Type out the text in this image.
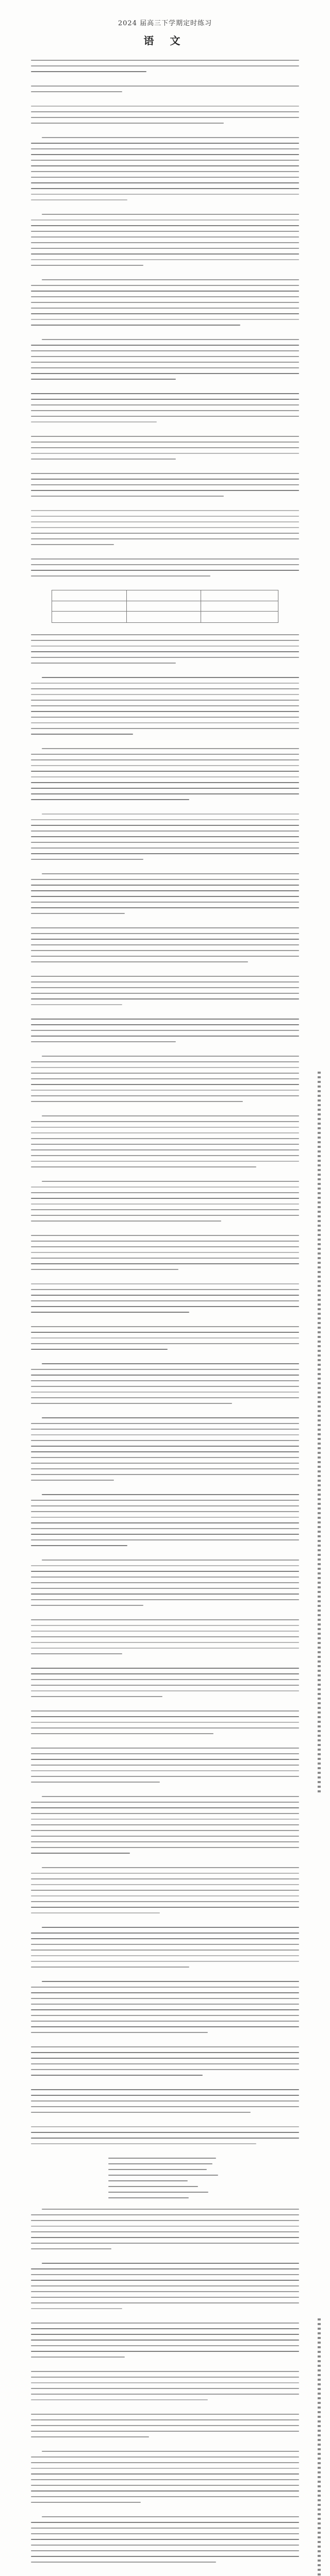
2024 届高三下学期定时练习
语 文
